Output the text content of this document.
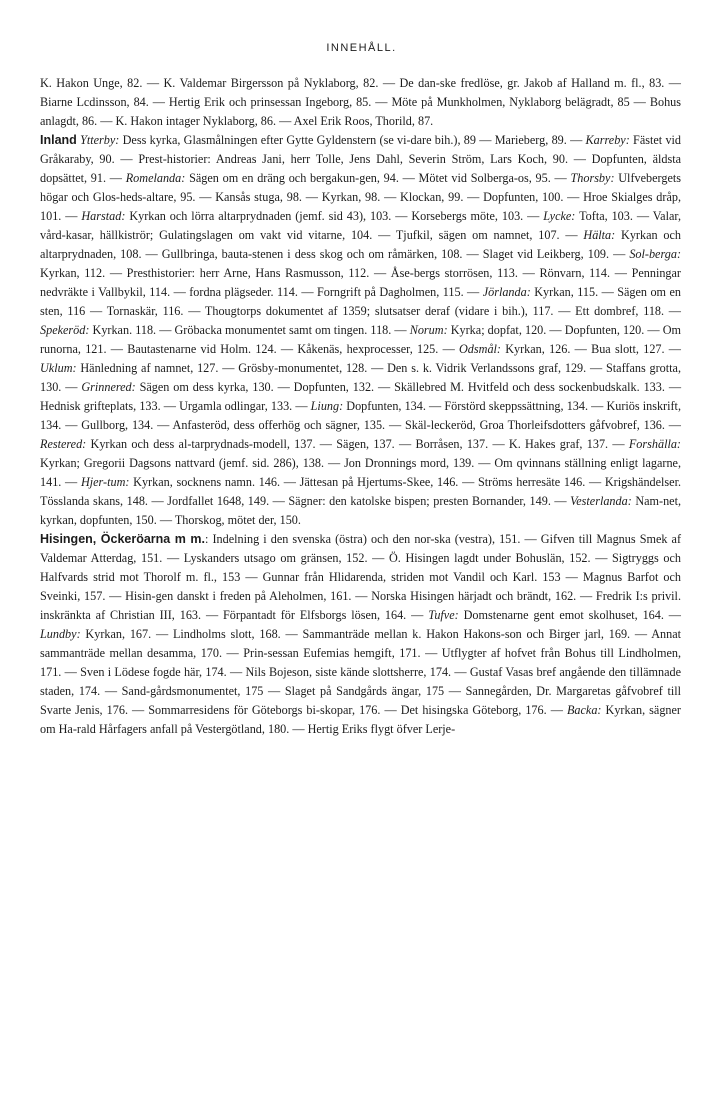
INNEHÅLL.

K. Hakon Unge, 82. — K. Valdemar Birgersson på Nyklaborg, 82. — De dan-ske fredlöse, gr. Jakob af Halland m. fl., 83. — Biarne Lcdinsson, 84. — Hertig Erik och prinsessan Ingeborg, 85. — Möte på Munkholmen, Nyklaborg belägradt, 85 — Bohus anlagdt, 86. — K. Hakon intager Nyklaborg, 86. — Axel Erik Roos, Thorild, 87.

Inland Ytterby: Dess kyrka, Glasmålningen efter Gytte Gyldenstern (se vi-dare bih.), 89 — Marieberg, 89. — Karreby: Fästet vid Gråkaraby, 90. — Prest-historier: Andreas Jani, herr Tolle, Jens Dahl, Severin Ström, Lars Koch, 90. — Dopfunten, äldsta dopsättet, 91. — Romelanda: Sägen om en dräng och bergakun-gen, 94. — Mötet vid Solberga-os, 95. — Thorsby: Ulfvebergets högar och Glos-heds-altare, 95. — Kansås stuga, 98. — Kyrkan, 98. — Klockan, 99. — Dopfunten, 100. — Hroe Skialges dråp, 101. — Harstad: Kyrkan och lörra altarprydnaden (jemf. sid 43), 103. — Korsebergs möte, 103. — Lycke: Tofta, 103. — Valar, vård-kasar, hällkiströr; Gulatingslagen om vakt vid vitarne, 104. — Tjufkil, sägen om namnet, 107. — Hälta: Kyrkan och altarprydnaden, 108. — Gullbringa, bauta-stenen i dess skog och om råmärken, 108. — Slaget vid Leikberg, 109. — Sol-berga: Kyrkan, 112. — Presthistorier: herr Arne, Hans Rasmusson, 112. — Åse-bergs storrösen, 113. — Rönvarn, 114. — Penningar nedvräkte i Vallbykil, 114. — fordna plägseder. 114. — Forngrift på Dagholmen, 115. — Jörlanda: Kyrkan, 115. — Sägen om en sten, 116 — Tornaskär, 116. — Thougtorps dokumentet af 1359; slutsatser deraf (vidare i bih.), 117. — Ett dombref, 118. — Spekeröd: Kyrkan. 118. — Gröbacka monumentet samt om tingen. 118. — Norum: Kyrka; dopfat, 120. — Dopfunten, 120. — Om runorna, 121. — Bautastenarne vid Holm. 124. — Kåkenäs, hexprocesser, 125. — Odsmål: Kyrkan, 126. — Bua slott, 127. — Uklum: Hänledning af namnet, 127. — Grösby-monumentet, 128. — Den s. k. Vidrik Verlandssons graf, 129. — Staffans grotta, 130. — Grinnered: Sägen om dess kyrka, 130. — Dopfunten, 132. — Skällebred M. Hvitfeld och dess sockenbudskalk. 133. — Hednisk grifteplats, 133. — Urgamla odlingar, 133. — Liung: Dopfunten, 134. — Förstörd skeppssättning, 134. — Kuriös inskrift, 134. — Gullborg, 134. — Anfasteröd, dess offerhög och sägner, 135. — Skäl-leckeröd, Groa Thorleifsdotters gåfvobref, 136. — Restered: Kyrkan och dess al-tarprydnads-modell, 137. — Sägen, 137. — Borråsen, 137. — K. Hakes graf, 137. — Forshälla: Kyrkan; Gregorii Dagsons nattvard (jemf. sid. 286), 138. — Jon Dronnings mord, 139. — Om qvinnans ställning enligt lagarne, 141. — Hjer-tum: Kyrkan, socknens namn. 146. — Jättesan på Hjertums-Skee, 146. — Ströms herresäte 146. — Krigshändelser. Tösslanda skans, 148. — Jordfallet 1648, 149. — Sägner: den katolske bispen; presten Bornander, 149. — Vesterlanda: Nam-net, kyrkan, dopfunten, 150. — Thorskog, mötet der, 150.

Hisingen, Öckeröarna m m.: Indelning i den svenska (östra) och den nor-ska (vestra), 151. — Gifven till Magnus Smek af Valdemar Atterdag, 151. — Lyskanders utsago om gränsen, 152. — Ö. Hisingen lagdt under Bohuslän, 152. — Sigtryggs och Halfvards strid mot Thorolf m. fl., 153 — Gunnar från Hlidarenda, striden mot Vandil och Karl. 153 — Magnus Barfot och Sveinki, 157. — Hisin-gen danskt i freden på Aleholmen, 161. — Norska Hisingen härjadt och brändt, 162. — Fredrik I:s privil. inskränkta af Christian III, 163. — Förpantadt för Elfsborgs lösen, 164. — Tufve: Domstenarne gent emot skolhuset, 164. — Lundby: Kyrkan, 167. — Lindholms slott, 168. — Sammanträde mellan k. Hakon Hakons-son och Birger jarl, 169. — Annat sammanträde mellan desamma, 170. — Prin-sessan Eufemias hemgift, 171. — Utflygter af hofvet från Bohus till Lindholmen, 171. — Sven i Lödese fogde här, 174. — Nils Bojeson, siste kände slottsherre, 174. — Gustaf Vasas bref angående den tillämnade staden, 174. — Sand-gårdsmonumentet, 175 — Slaget på Sandgårds ängar, 175 — Sannegården, Dr. Margaretas gåfvobref till Svarte Jenis, 176. — Sommarresidens för Göteborgs bi-skopar, 176. — Det hisingska Göteborg, 176. — Backa: Kyrkan, sägner om Ha-rald Hårfagers anfall på Vestergötland, 180. — Hertig Eriks flygt öfver Lerje-
